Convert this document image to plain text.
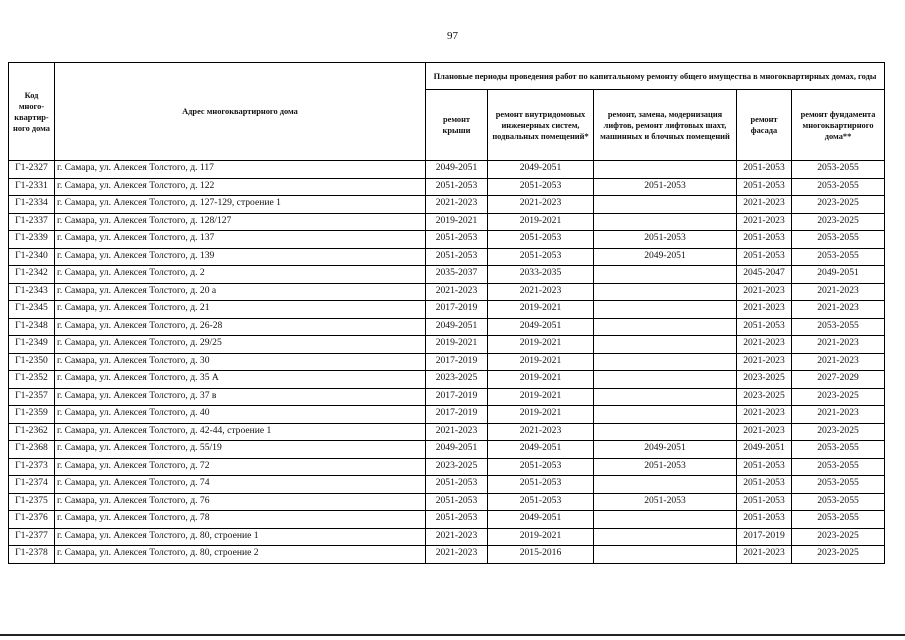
97
Код много-квартир-ного дома	Адрес многоквартирного дома	Плановые периоды проведения работ по капитальному ремонту общего имущества в многоквартирных домах, годы				
		ремонт крыши	ремонт внутридомовых инженерных систем, подвальных помещений*	ремонт, замена, модернизация лифтов, ремонт лифтовых шахт, машинных и блочных помещений	ремонт фасада	ремонт фундамента многоквартирного дома**
Г1-2327	г. Самара, ул. Алексея Толстого, д. 117	2049-2051	2049-2051		2051-2053	2053-2055
Г1-2331	г. Самара, ул. Алексея Толстого, д. 122	2051-2053	2051-2053	2051-2053	2051-2053	2053-2055
Г1-2334	г. Самара, ул. Алексея Толстого, д. 127-129, строение 1	2021-2023	2021-2023		2021-2023	2023-2025
Г1-2337	г. Самара, ул. Алексея Толстого, д. 128/127	2019-2021	2019-2021		2021-2023	2023-2025
Г1-2339	г. Самара, ул. Алексея Толстого, д. 137	2051-2053	2051-2053	2051-2053	2051-2053	2053-2055
Г1-2340	г. Самара, ул. Алексея Толстого, д. 139	2051-2053	2051-2053	2049-2051	2051-2053	2053-2055
Г1-2342	г. Самара, ул. Алексея Толстого, д. 2	2035-2037	2033-2035		2045-2047	2049-2051
Г1-2343	г. Самара, ул. Алексея Толстого, д. 20 а	2021-2023	2021-2023		2021-2023	2021-2023
Г1-2345	г. Самара, ул. Алексея Толстого, д. 21	2017-2019	2019-2021		2021-2023	2021-2023
Г1-2348	г. Самара, ул. Алексея Толстого, д. 26-28	2049-2051	2049-2051		2051-2053	2053-2055
Г1-2349	г. Самара, ул. Алексея Толстого, д. 29/25	2019-2021	2019-2021		2021-2023	2021-2023
Г1-2350	г. Самара, ул. Алексея Толстого, д. 30	2017-2019	2019-2021		2021-2023	2021-2023
Г1-2352	г. Самара, ул. Алексея Толстого, д. 35 А	2023-2025	2019-2021		2023-2025	2027-2029
Г1-2357	г. Самара, ул. Алексея Толстого, д. 37 в	2017-2019	2019-2021		2023-2025	2023-2025
Г1-2359	г. Самара, ул. Алексея Толстого, д. 40	2017-2019	2019-2021		2021-2023	2021-2023
Г1-2362	г. Самара, ул. Алексея Толстого, д. 42-44, строение 1	2021-2023	2021-2023		2021-2023	2023-2025
Г1-2368	г. Самара, ул. Алексея Толстого, д. 55/19	2049-2051	2049-2051	2049-2051	2049-2051	2053-2055
Г1-2373	г. Самара, ул. Алексея Толстого, д. 72	2023-2025	2051-2053	2051-2053	2051-2053	2053-2055
Г1-2374	г. Самара, ул. Алексея Толстого, д. 74	2051-2053	2051-2053		2051-2053	2053-2055
Г1-2375	г. Самара, ул. Алексея Толстого, д. 76	2051-2053	2051-2053	2051-2053	2051-2053	2053-2055
Г1-2376	г. Самара, ул. Алексея Толстого, д. 78	2051-2053	2049-2051		2051-2053	2053-2055
Г1-2377	г. Самара, ул. Алексея Толстого, д. 80, строение 1	2021-2023	2019-2021		2017-2019	2023-2025
Г1-2378	г. Самара, ул. Алексея Толстого, д. 80, строение 2	2021-2023	2015-2016		2021-2023	2023-2025
